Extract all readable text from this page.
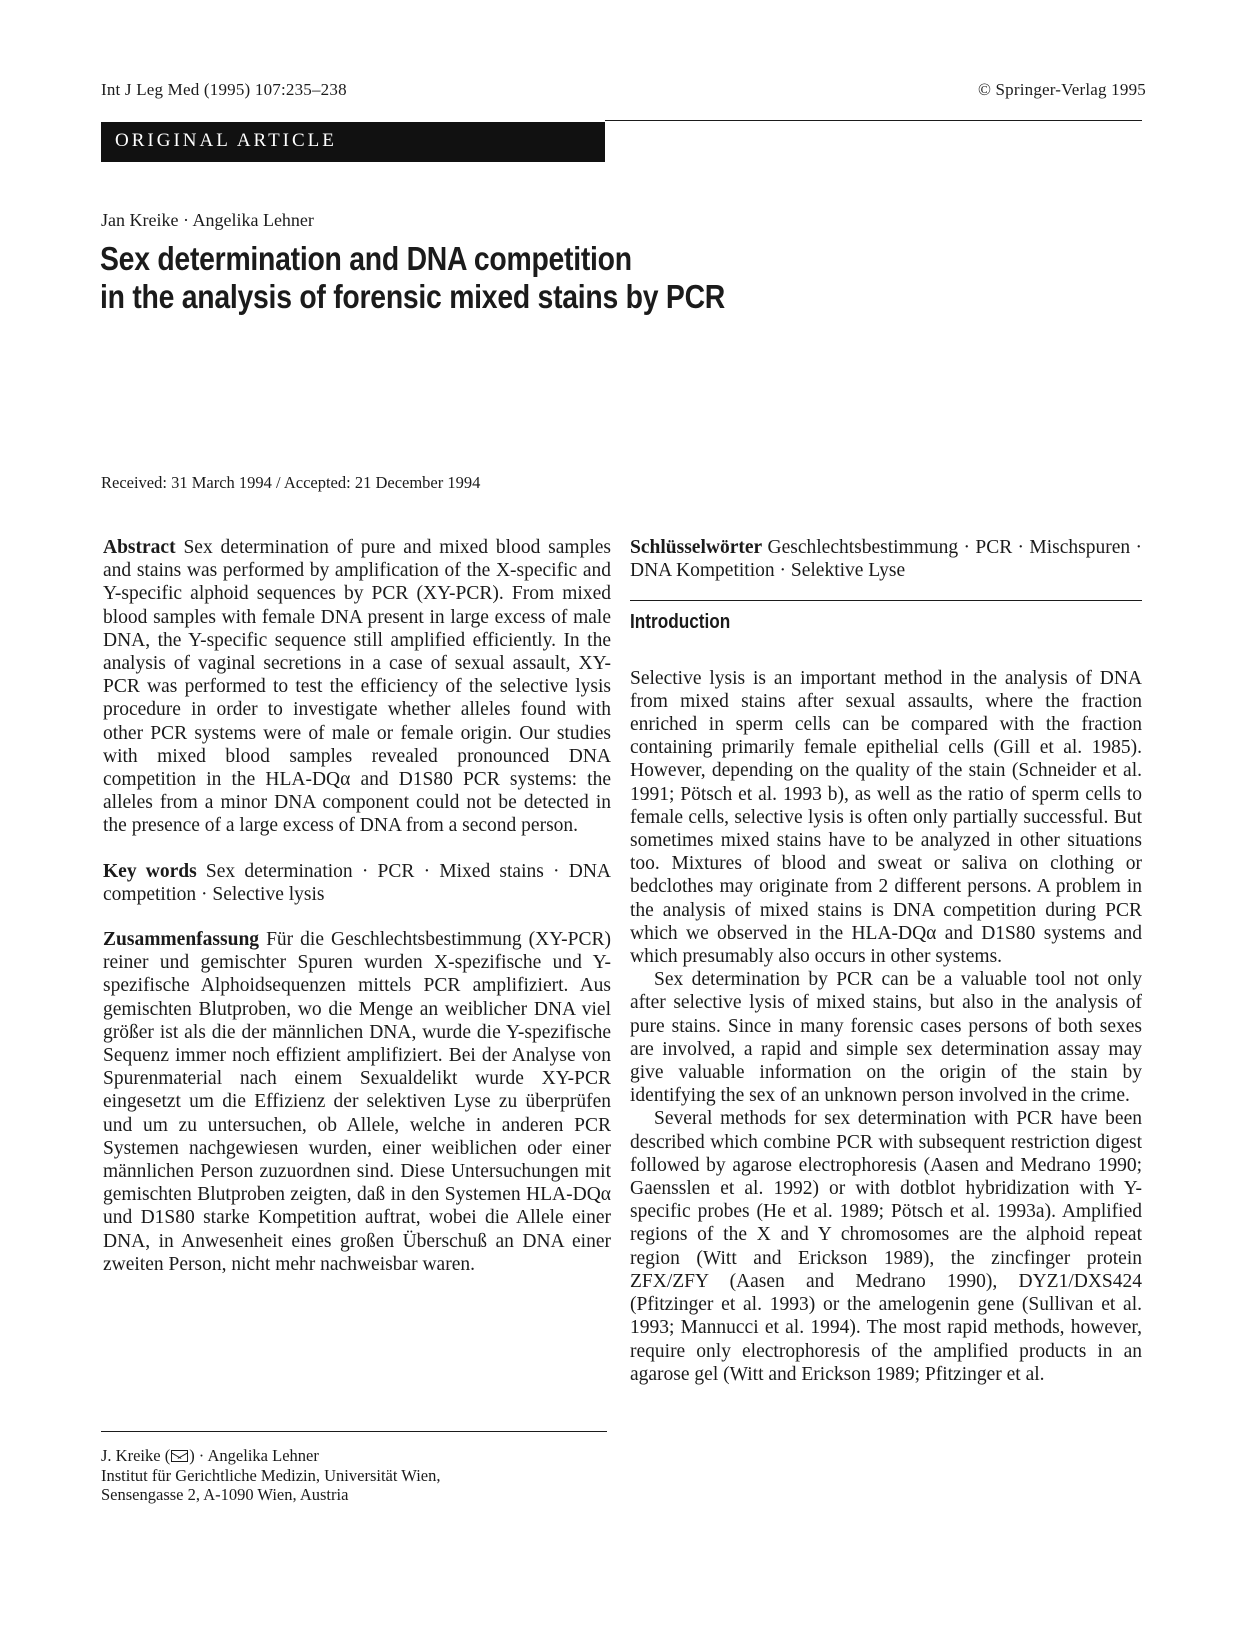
Int J Leg Med (1995) 107:235–238	© Springer-Verlag 1995
ORIGINAL ARTICLE
Jan Kreike · Angelika Lehner
Sex determination and DNA competition
in the analysis of forensic mixed stains by PCR
Received: 31 March 1994 / Accepted: 21 December 1994

Abstract Sex determination of pure and mixed blood samples and stains was performed by amplification of the X-specific and Y-specific alphoid sequences by PCR (XY-PCR). From mixed blood samples with female DNA present in large excess of male DNA, the Y-specific sequence still amplified efficiently. In the analysis of vaginal secretions in a case of sexual assault, XY-PCR was performed to test the efficiency of the selective lysis procedure in order to investigate whether alleles found with other PCR systems were of male or female origin. Our studies with mixed blood samples revealed pronounced DNA competition in the HLA-DQα and D1S80 PCR systems: the alleles from a minor DNA component could not be detected in the presence of a large excess of DNA from a second person.

Key words Sex determination · PCR · Mixed stains · DNA competition · Selective lysis

Zusammenfassung Für die Geschlechtsbestimmung (XY-PCR) reiner und gemischter Spuren wurden X-spezifische und Y-spezifische Alphoidsequenzen mittels PCR amplifiziert. Aus gemischten Blutproben, wo die Menge an weiblicher DNA viel größer ist als die der männlichen DNA, wurde die Y-spezifische Sequenz immer noch effizient amplifiziert. Bei der Analyse von Spurenmaterial nach einem Sexualdelikt wurde XY-PCR eingesetzt um die Effizienz der selektiven Lyse zu überprüfen und um zu untersuchen, ob Allele, welche in anderen PCR Systemen nachgewiesen wurden, einer weiblichen oder einer männlichen Person zuzuordnen sind. Diese Untersuchungen mit gemischten Blutproben zeigten, daß in den Systemen HLA-DQα und D1S80 starke Kompetition auftrat, wobei die Allele einer DNA, in Anwesenheit eines großen Überschuß an DNA einer zweiten Person, nicht mehr nachweisbar waren.

Schlüsselwörter Geschlechtsbestimmung · PCR · Mischspuren · DNA Kompetition · Selektive Lyse

Introduction

Selective lysis is an important method in the analysis of DNA from mixed stains after sexual assaults, where the fraction enriched in sperm cells can be compared with the fraction containing primarily female epithelial cells (Gill et al. 1985). However, depending on the quality of the stain (Schneider et al. 1991; Pötsch et al. 1993 b), as well as the ratio of sperm cells to female cells, selective lysis is often only partially successful. But sometimes mixed stains have to be analyzed in other situations too. Mixtures of blood and sweat or saliva on clothing or bedclothes may originate from 2 different persons. A problem in the analysis of mixed stains is DNA competition during PCR which we observed in the HLA-DQα and D1S80 systems and which presumably also occurs in other systems.

Sex determination by PCR can be a valuable tool not only after selective lysis of mixed stains, but also in the analysis of pure stains. Since in many forensic cases persons of both sexes are involved, a rapid and simple sex determination assay may give valuable information on the origin of the stain by identifying the sex of an unknown person involved in the crime.

Several methods for sex determination with PCR have been described which combine PCR with subsequent restriction digest followed by agarose electrophoresis (Aasen and Medrano 1990; Gaensslen et al. 1992) or with dotblot hybridization with Y-specific probes (He et al. 1989; Pötsch et al. 1993a). Amplified regions of the X and Y chromosomes are the alphoid repeat region (Witt and Erickson 1989), the zincfinger protein ZFX/ZFY (Aasen and Medrano 1990), DYZ1/DXS424 (Pfitzinger et al. 1993) or the amelogenin gene (Sullivan et al. 1993; Mannucci et al. 1994). The most rapid methods, however, require only electrophoresis of the amplified products in an agarose gel (Witt and Erickson 1989; Pfitzinger et al.

J. Kreike ( ) · Angelika Lehner
Institut für Gerichtliche Medizin, Universität Wien,
Sensengasse 2, A-1090 Wien, Austria
